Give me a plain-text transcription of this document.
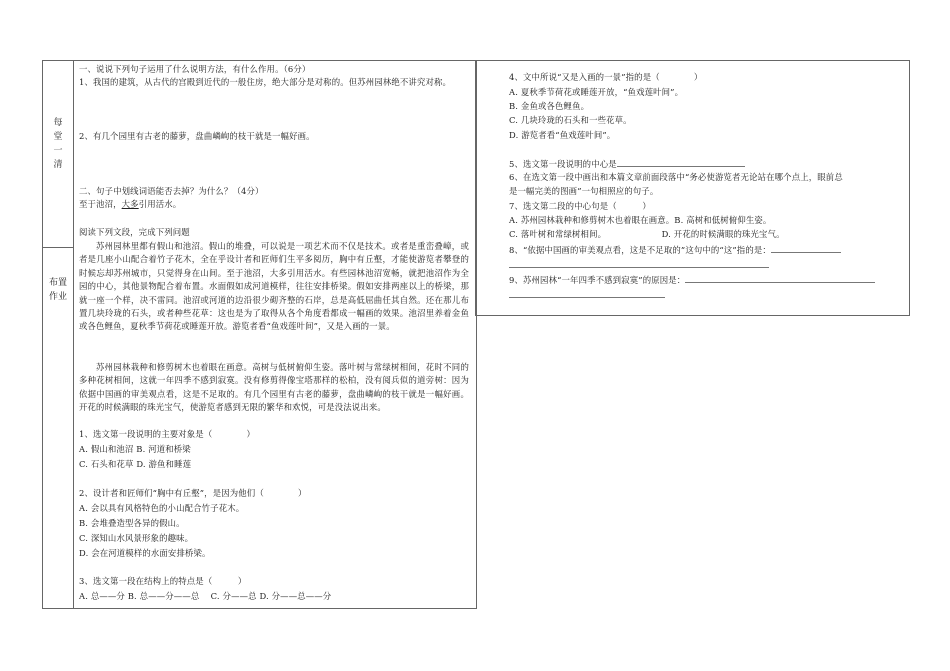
每
堂
一
清
布置
作业
一、说说下列句子运用了什么说明方法，有什么作用。（6分）
1、我国的建筑，从古代的宫殿到近代的一般住房，绝大部分是对称的。但苏州园林绝不讲究对称。
2、有几个园里有古老的藤萝，盘曲嶙峋的枝干就是一幅好画。
二、句子中划线词语能否去掉？为什么？（4分）
至于池沼，大多引用活水。
阅读下列文段，完成下列问题
苏州园林里都有假山和池沼。假山的堆叠，可以说是一项艺术而不仅是技术。或者是重峦叠嶂，或者是几座小山配合着竹子花木，全在乎设计者和匠师们生平多阅历，胸中有丘壑，才能使游览者攀登的时候忘却苏州城市，只觉得身在山间。至于池沼，大多引用活水。有些园林池沼宽畅，就把池沼作为全园的中心，其他景物配合着布置。水面假如成河道模样，往往安排桥梁。假如安排两座以上的桥梁，那就一座一个样，决不雷同。池沼或河道的边沿很少砌齐整的石岸，总是高低屈曲任其自然。还在那儿布置几块玲珑的石头，或者种些花草：这也是为了取得从各个角度看都成一幅画的效果。池沼里养着金鱼或各色鲤鱼，夏秋季节荷花或睡莲开放。游览者看“鱼戏莲叶间”，又是入画的一景。
苏州园林栽种和修剪树木也着眼在画意。高树与低树俯仰生姿。落叶树与常绿树相间，花时不同的多种花树相间，这就一年四季不感到寂寞。没有修剪得像宝塔那样的松柏，没有阅兵似的道旁树：因为依据中国画的审美观点看，这是不足取的。有几个园里有古老的藤萝，盘曲嶙峋的枝干就是一幅好画。开花的时候满眼的珠光宝气，使游览者感到无限的繁华和欢悦，可是没法说出来。
1、选文第一段说明的主要对象是（　　　　）
A. 假山和池沼 B. 河道和桥梁
C. 石头和花草 D. 游鱼和睡莲
2、设计者和匠师们“胸中有丘壑”，是因为他们（　　　　）
A. 会以具有风格特色的小山配合竹子花木。
B. 会堆叠造型各异的假山。
C. 深知山水风景形象的趣味。
D. 会在河道模样的水面安排桥梁。
3、选文第一段在结构上的特点是（　　　）
A. 总——分 B. 总——分——总　 C. 分——总 D. 分——总——分
4、文中所说“又是入画的一景”指的是（　　　　）
A. 夏秋季节荷花或睡莲开放，“鱼戏莲叶间”。
B. 金鱼或各色鲤鱼。
C. 几块玲珑的石头和一些花草。
D. 游览者看“鱼戏莲叶间”。
5、选文第一段说明的中心是
6、在选文第一段中画出和本篇文章前面段落中“务必使游览者无论站在哪个点上，眼前总
是一幅完美的图画”一句相照应的句子。
7、选文第二段的中心句是（　　　）
A. 苏州园林栽种和修剪树木也着眼在画意。B. 高树和低树俯仰生姿。
C. 落叶树和常绿树相间。　　　　　　　D. 开花的时候满眼的珠光宝气。
8、“依据中国画的审美观点看，这是不足取的”这句中的“这”指的是：
9、苏州园林“一年四季不感到寂寞”的原因是：
